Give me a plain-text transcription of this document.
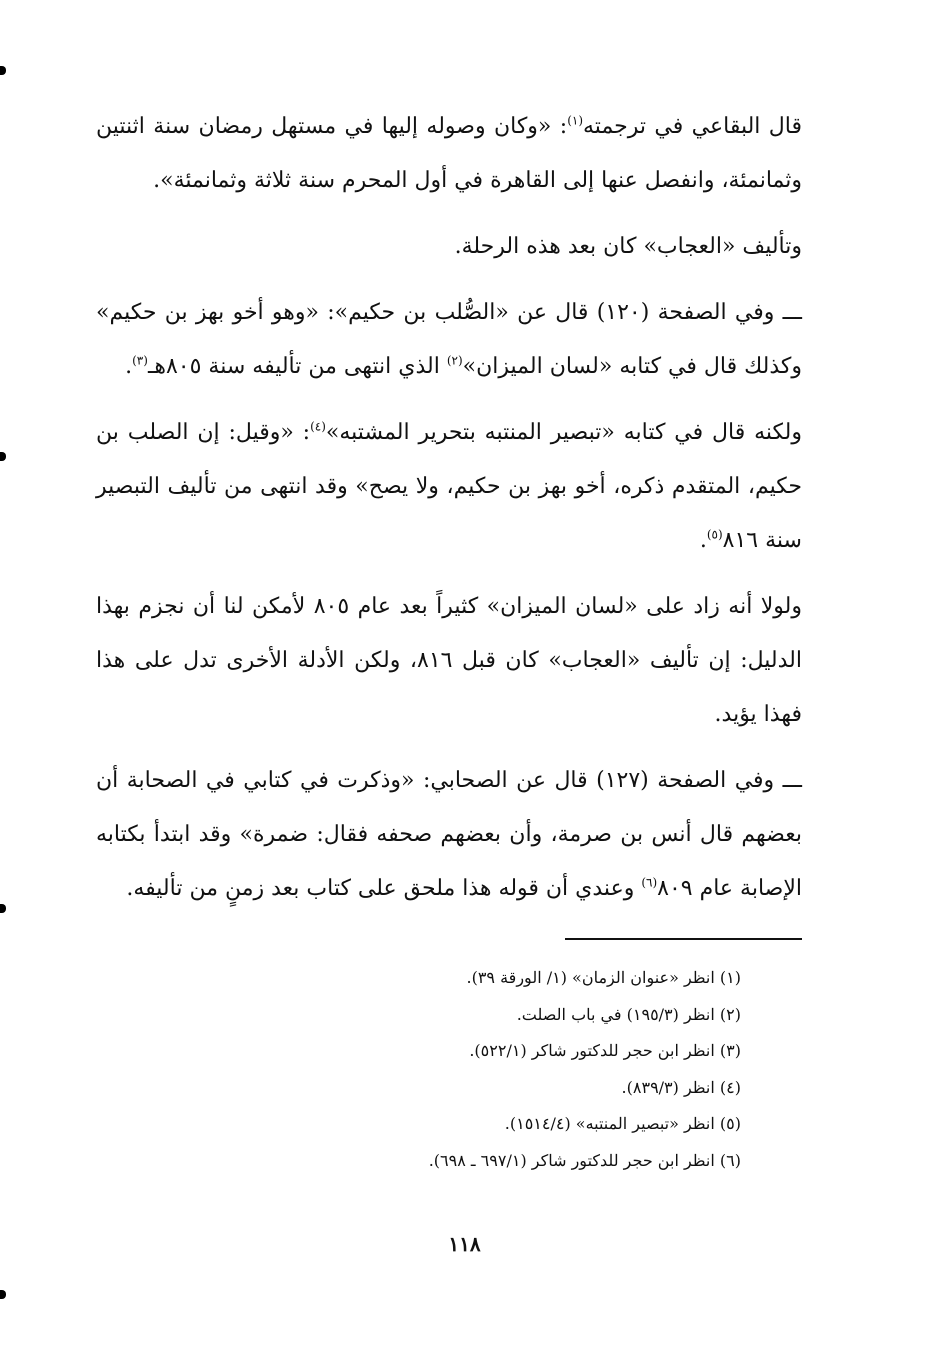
قال البقاعي في ترجمته$^{(١)}$: «وكان وصوله إليها في مستهل رمضان سنة اثنتين وثمانمئة، وانفصل عنها إلى القاهرة في أول المحرم سنة ثلاثة وثمانمئة».

وتأليف «العجاب» كان بعد هذه الرحلة.

ـــ وفي الصفحة (١٢٠) قال عن «الصُّلب بن حكيم»: «وهو أخو بهز بن حكيم» وكذلك قال في كتابه «لسان الميزان»$^{(٢)}$ الذي انتهى من تأليفه سنة ٨٠٥هـ$^{(٣)}$.

ولكنه قال في كتابه «تبصير المنتبه بتحرير المشتبه»$^{(٤)}$: «وقيل: إن الصلب بن حكيم، المتقدم ذكره، أخو بهز بن حكيم، ولا يصح» وقد انتهى من تأليف التبصير سنة ٨١٦$^{(٥)}$.

ولولا أنه زاد على «لسان الميزان» كثيراً بعد عام ٨٠٥ لأمكن لنا أن نجزم بهذا الدليل: إن تأليف «العجاب» كان قبل ٨١٦، ولكن الأدلة الأخرى تدل على هذا فهذا يؤيد.

ـــ وفي الصفحة (١٢٧) قال عن الصحابي: «وذكرت في كتابي في الصحابة أن بعضهم قال أنس بن صرمة، وأن بعضهم صحفه فقال: ضمرة» وقد ابتدأ بكتابه الإصابة عام ٨٠٩$^{(٦)}$ وعندي أن قوله هذا ملحق على كتاب بعد زمنٍ من تأليفه.

(١) انظر «عنوان الزمان» (١/ الورقة ٣٩).
(٢) انظر (١٩٥/٣) في باب الصلت.
(٣) انظر ابن حجر للدكتور شاكر (٥٢٢/١).
(٤) انظر (٨٣٩/٣).
(٥) انظر «تبصير المنتبه» (١٥١٤/٤).
(٦) انظر ابن حجر للدكتور شاكر (٦٩٧/١ ـ ٦٩٨).
١١٨
